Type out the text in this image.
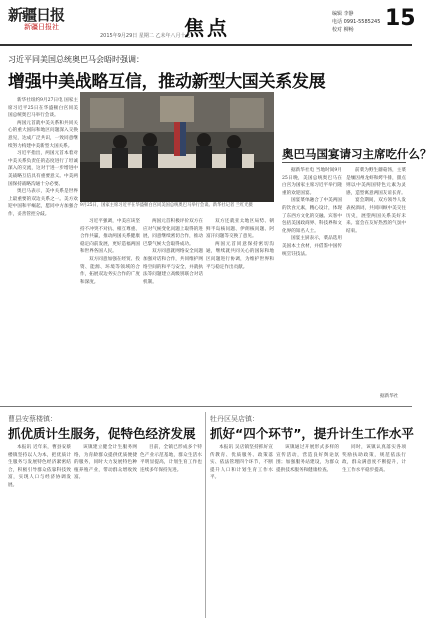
新疆日报
新疆日报社
2015年9月29日 星期二 乙未年八月十七
焦点
编辑 李静
电话 0991-5585245
校对 柳畅	15
习近平同美国总统奥巴马会晤时强调：
增强中美战略互信，推动新型大国关系发展

新华社纽约9月27日电 国家主席习近平25日在华盛顿白宫同美国总统奥巴马举行会谈。

两国元首就中美关系和共同关心的重大国际和地区问题深入交换意见，达成广泛共识，一致同意继续努力构建中美新型大国关系。

习近平指出，两国元首本着对中美关系负责任的态度进行了坦诚深入的交流，这对于进一步增进中美战略互信具有重要意义。中美两国保持战略沟通十分必要。

奥巴马表示，美中关系是世界上最重要的双边关系之一。美方欢迎中国和平崛起，愿同中方加强合作，妥善管控分歧。

9月25日，国家主席习近平在华盛顿白宫同美国总统奥巴马举行会谈。新华社记者 兰红光摄

习近平强调，中美应该坚持不冲突不对抗、相互尊重、合作共赢，推动两国关系健康稳定向前发展，更好造福两国和世界各国人民。

双方同意加强在经贸、投资、能源、环境等领域的合作，拓展双边务实合作的广度和深度。

两国元首积极评价双方在应对气候变化问题上取得的进展，同意继续密切合作，推动巴黎气候大会取得成功。

双方同意就网络安全问题加强对话和合作，共同维护网络空间的和平与安全，并就执法等问题建立高级别联合对话机制。

双方还就亚太地区局势、朝鲜半岛核问题、伊朗核问题、阿富汗问题等交换了意见。

两国元首同意保持密切沟通，继续就共同关心的国际和地区问题进行协调，为维护世界和平与稳定作出贡献。

奥巴马国宴请习主席吃什么？

据新华社电 当地时间9月25日晚，美国总统奥巴马在白宫为国家主席习近平举行隆重的欢迎国宴。

国宴菜单融合了中美两国的饮食元素，精心设计，体现了东西方文化的交融。宾客中包括美国政商界、科技界和文化界的知名人士。

国宴主厨表示，菜品选用美国本土食材，并借鉴中国传统烹饪技法。

前菜为野生蘑菇汤，主菜是缅因州龙虾和烤牛排，甜点则以中美两国特色元素为灵感，造型寓意两国友谊长青。

宴会期间，双方领导人发表祝酒词，共同回顾中美交往历史，展望两国关系美好未来。宴会在友好热烈的气氛中结束。

据新华社
曹县安蔡楼镇：
抓优质计生服务，促特色经济发展

本报讯 近年来，曹县安蔡楼镇坚持以人为本，把优质计生服务与发展特色经济紧密结合，积极引导群众依靠科技致富，实现人口与经济协调发展。

该镇建立健全计生服务网络，为育龄群众提供优质便捷的服务，同时大力发展特色种植养殖产业，带动群众增收致富。

目前，全镇已形成多个特色产业示范基地，群众生活水平明显提高，计划生育工作也连续多年保持先进。

牡丹区吴店镇：
抓好“四个环节”，提升计生工作水平

本报讯 吴店镇坚持抓好宣传教育、优质服务、政策落实、依法管理四个环节，不断提升人口和计划生育工作水平。

该镇通过开展形式多样的宣传活动，营造良好舆论氛围；加强服务站建设，为群众提供技术服务和健康检查。

同时，该镇认真落实各项奖励扶助政策，规范依法行政，群众满意度不断提升，计生工作水平稳步提高。
